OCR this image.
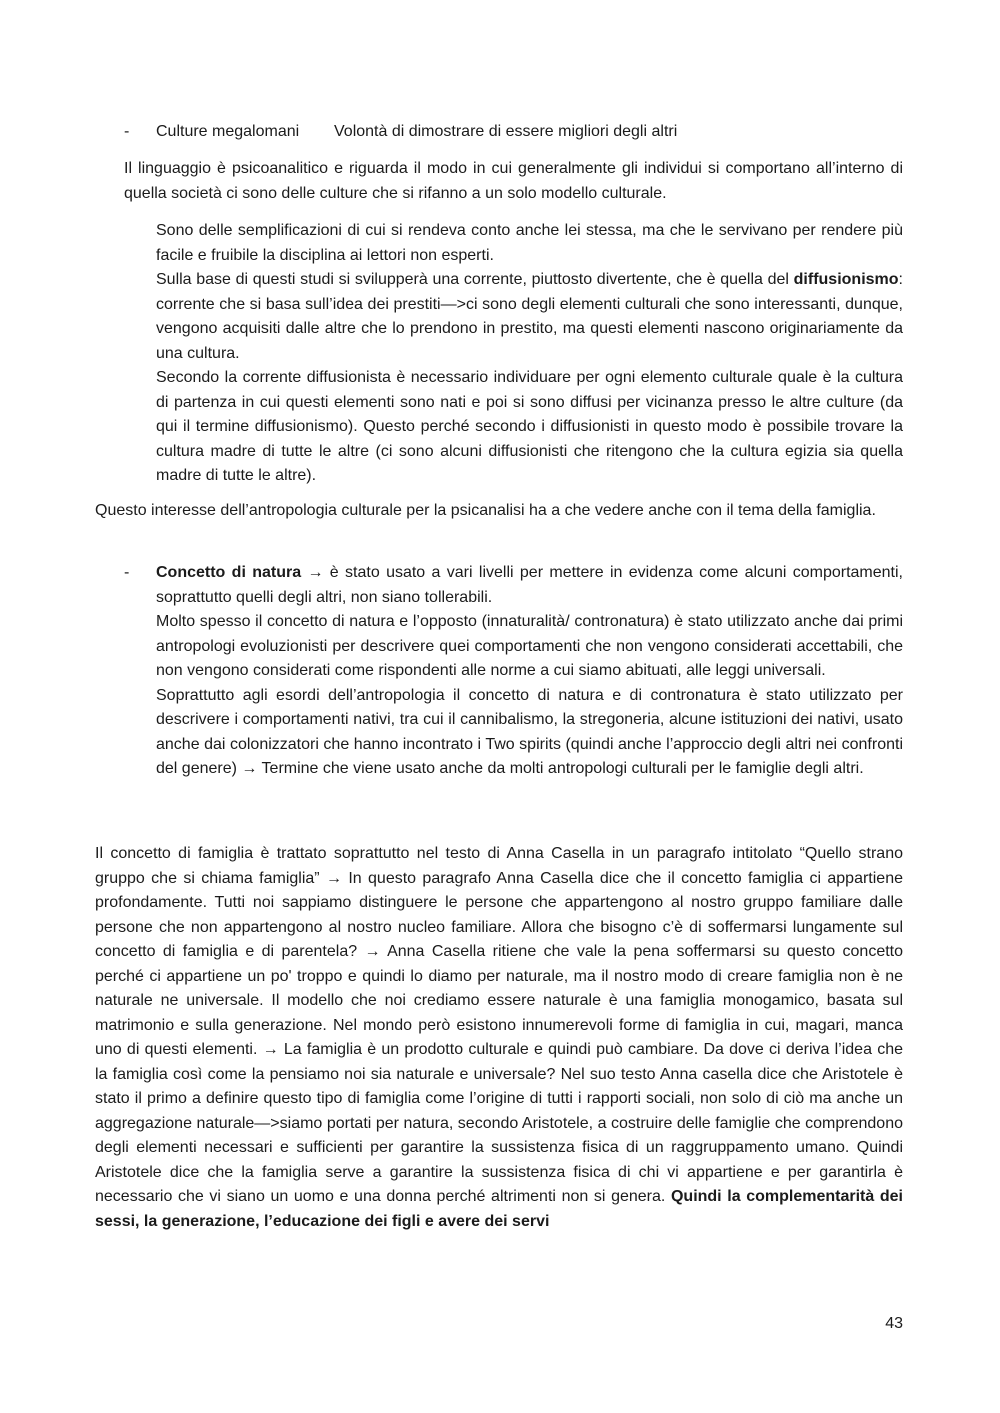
- Culture megalomani Volontà di dimostrare di essere migliori degli altri

Il linguaggio è psicoanalitico e riguarda il modo in cui generalmente gli individui si comportano all’interno di quella società ci sono delle culture che si rifanno a un solo modello culturale.

Sono delle semplificazioni di cui si rendeva conto anche lei stessa, ma che le servivano per rendere più facile e fruibile la disciplina ai lettori non esperti.
Sulla base di questi studi si svilupperà una corrente, piuttosto divertente, che è quella del diffusionismo: corrente che si basa sull’idea dei prestiti—>ci sono degli elementi culturali che sono interessanti, dunque, vengono acquisiti dalle altre che lo prendono in prestito, ma questi elementi nascono originariamente da una cultura.
Secondo la corrente diffusionista è necessario individuare per ogni elemento culturale quale è la cultura di partenza in cui questi elementi sono nati e poi si sono diffusi per vicinanza presso le altre culture (da qui il termine diffusionismo). Questo perché secondo i diffusionisti in questo modo è possibile trovare la cultura madre di tutte le altre (ci sono alcuni diffusionisti che ritengono che la cultura egizia sia quella madre di tutte le altre).

Questo interesse dell’antropologia culturale per la psicanalisi ha a che vedere anche con il tema della famiglia.

- Concetto di natura → è stato usato a vari livelli per mettere in evidenza come alcuni comportamenti, soprattutto quelli degli altri, non siano tollerabili.
Molto spesso il concetto di natura e l’opposto (innaturalità/ contronatura) è stato utilizzato anche dai primi antropologi evoluzionisti per descrivere quei comportamenti che non vengono considerati accettabili, che non vengono considerati come rispondenti alle norme a cui siamo abituati, alle leggi universali.
Soprattutto agli esordi dell’antropologia il concetto di natura e di contronatura è stato utilizzato per descrivere i comportamenti nativi, tra cui il cannibalismo, la stregoneria, alcune istituzioni dei nativi, usato anche dai colonizzatori che hanno incontrato i Two spirits (quindi anche l’approccio degli altri nei confronti del genere) → Termine che viene usato anche da molti antropologi culturali per le famiglie degli altri.

Il concetto di famiglia è trattato soprattutto nel testo di Anna Casella in un paragrafo intitolato “Quello strano gruppo che si chiama famiglia” → In questo paragrafo Anna Casella dice che il concetto famiglia ci appartiene profondamente. Tutti noi sappiamo distinguere le persone che appartengono al nostro gruppo familiare dalle persone che non appartengono al nostro nucleo familiare. Allora che bisogno c’è di soffermarsi lungamente sul concetto di famiglia e di parentela? → Anna Casella ritiene che vale la pena soffermarsi su questo concetto perché ci appartiene un po' troppo e quindi lo diamo per naturale, ma il nostro modo di creare famiglia non è ne naturale ne universale. Il modello che noi crediamo essere naturale è una famiglia monogamico, basata sul matrimonio e sulla generazione. Nel mondo però esistono innumerevoli forme di famiglia in cui, magari, manca uno di questi elementi. → La famiglia è un prodotto culturale e quindi può cambiare. Da dove ci deriva l’idea che la famiglia così come la pensiamo noi sia naturale e universale? Nel suo testo Anna casella dice che Aristotele è stato il primo a definire questo tipo di famiglia come l’origine di tutti i rapporti sociali, non solo di ciò ma anche un aggregazione naturale—>siamo portati per natura, secondo Aristotele, a costruire delle famiglie che comprendono degli elementi necessari e sufficienti per garantire la sussistenza fisica di un raggruppamento umano. Quindi Aristotele dice che la famiglia serve a garantire la sussistenza fisica di chi vi appartiene e per garantirla è necessario che vi siano un uomo e una donna perché altrimenti non si genera. Quindi la complementarità dei sessi, la generazione, l’educazione dei figli e avere dei servi

43
